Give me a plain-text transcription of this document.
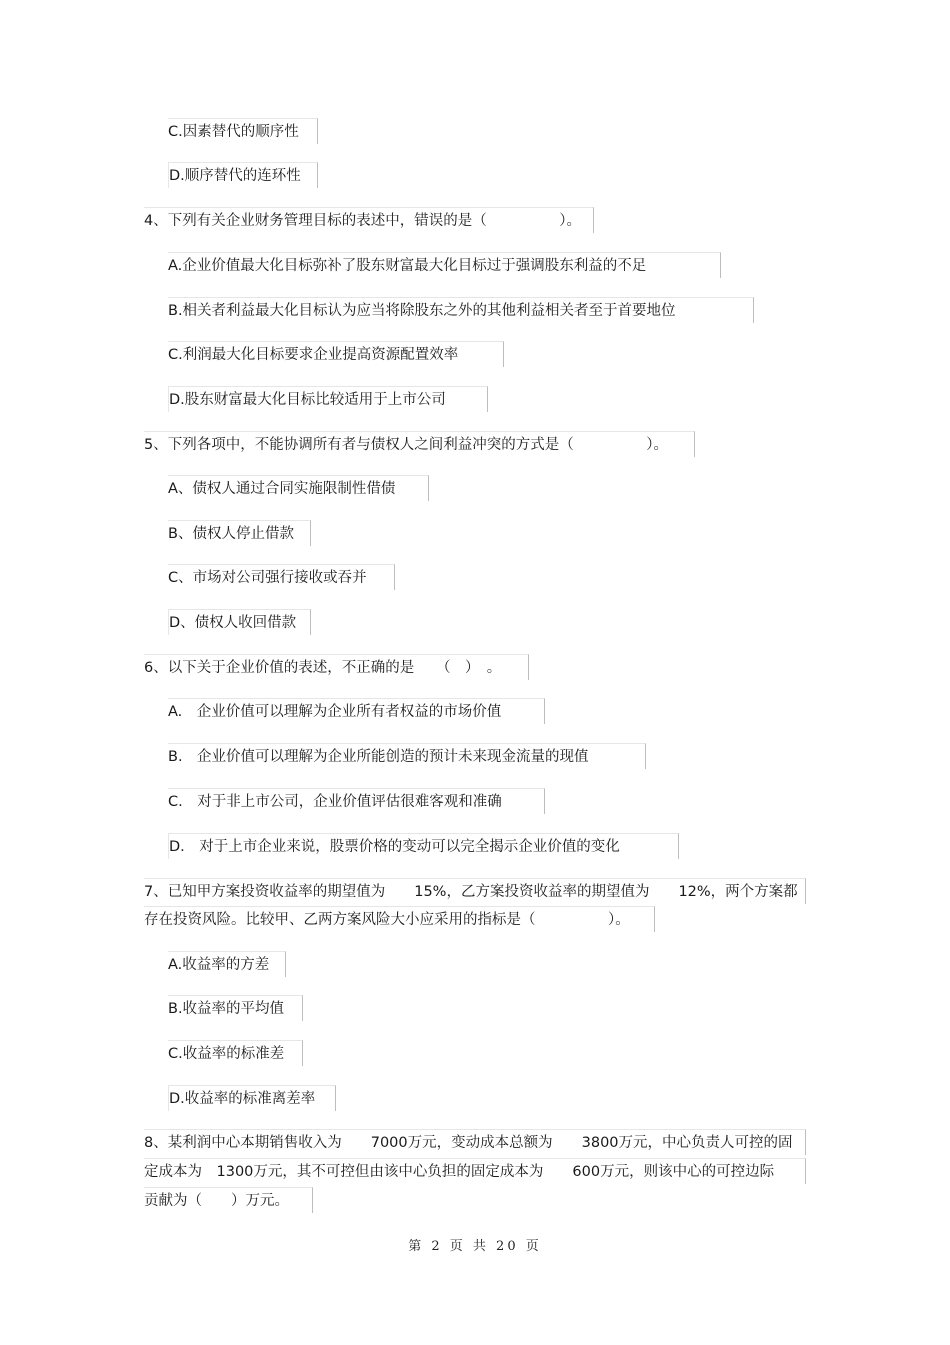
C.因素替代的顺序性
D.顺序替代的连环性
4、下列有关企业财务管理目标的表述中，错误的是（　　　　　）。
A.企业价值最大化目标弥补了股东财富最大化目标过于强调股东利益的不足
B.相关者利益最大化目标认为应当将除股东之外的其他利益相关者至于首要地位
C.利润最大化目标要求企业提高资源配置效率
D.股东财富最大化目标比较适用于上市公司
5、下列各项中，不能协调所有者与债权人之间利益冲突的方式是（　　　　　）。
A、债权人通过合同实施限制性借债
B、债权人停止借款
C、市场对公司强行接收或吞并
D、债权人收回借款
6、以下关于企业价值的表述，不正确的是　　（　）　。
A.　企业价值可以理解为企业所有者权益的市场价值
B.　企业价值可以理解为企业所能创造的预计未来现金流量的现值
C.　对于非上市公司，企业价值评估很难客观和准确
D.　对于上市企业来说，股票价格的变动可以完全揭示企业价值的变化
7、已知甲方案投资收益率的期望值为　　15%，乙方案投资收益率的期望值为　　12%，两个方案都
存在投资风险。比较甲、乙两方案风险大小应采用的指标是（　　　　　）。
A.收益率的方差
B.收益率的平均值
C.收益率的标准差
D.收益率的标准离差率
8、某利润中心本期销售收入为　　7000万元，变动成本总额为　　3800万元，中心负责人可控的固
定成本为　1300万元，其不可控但由该中心负担的固定成本为　　600万元，则该中心的可控边际
贡献为（　　）万元。
第 2 页 共 20 页
